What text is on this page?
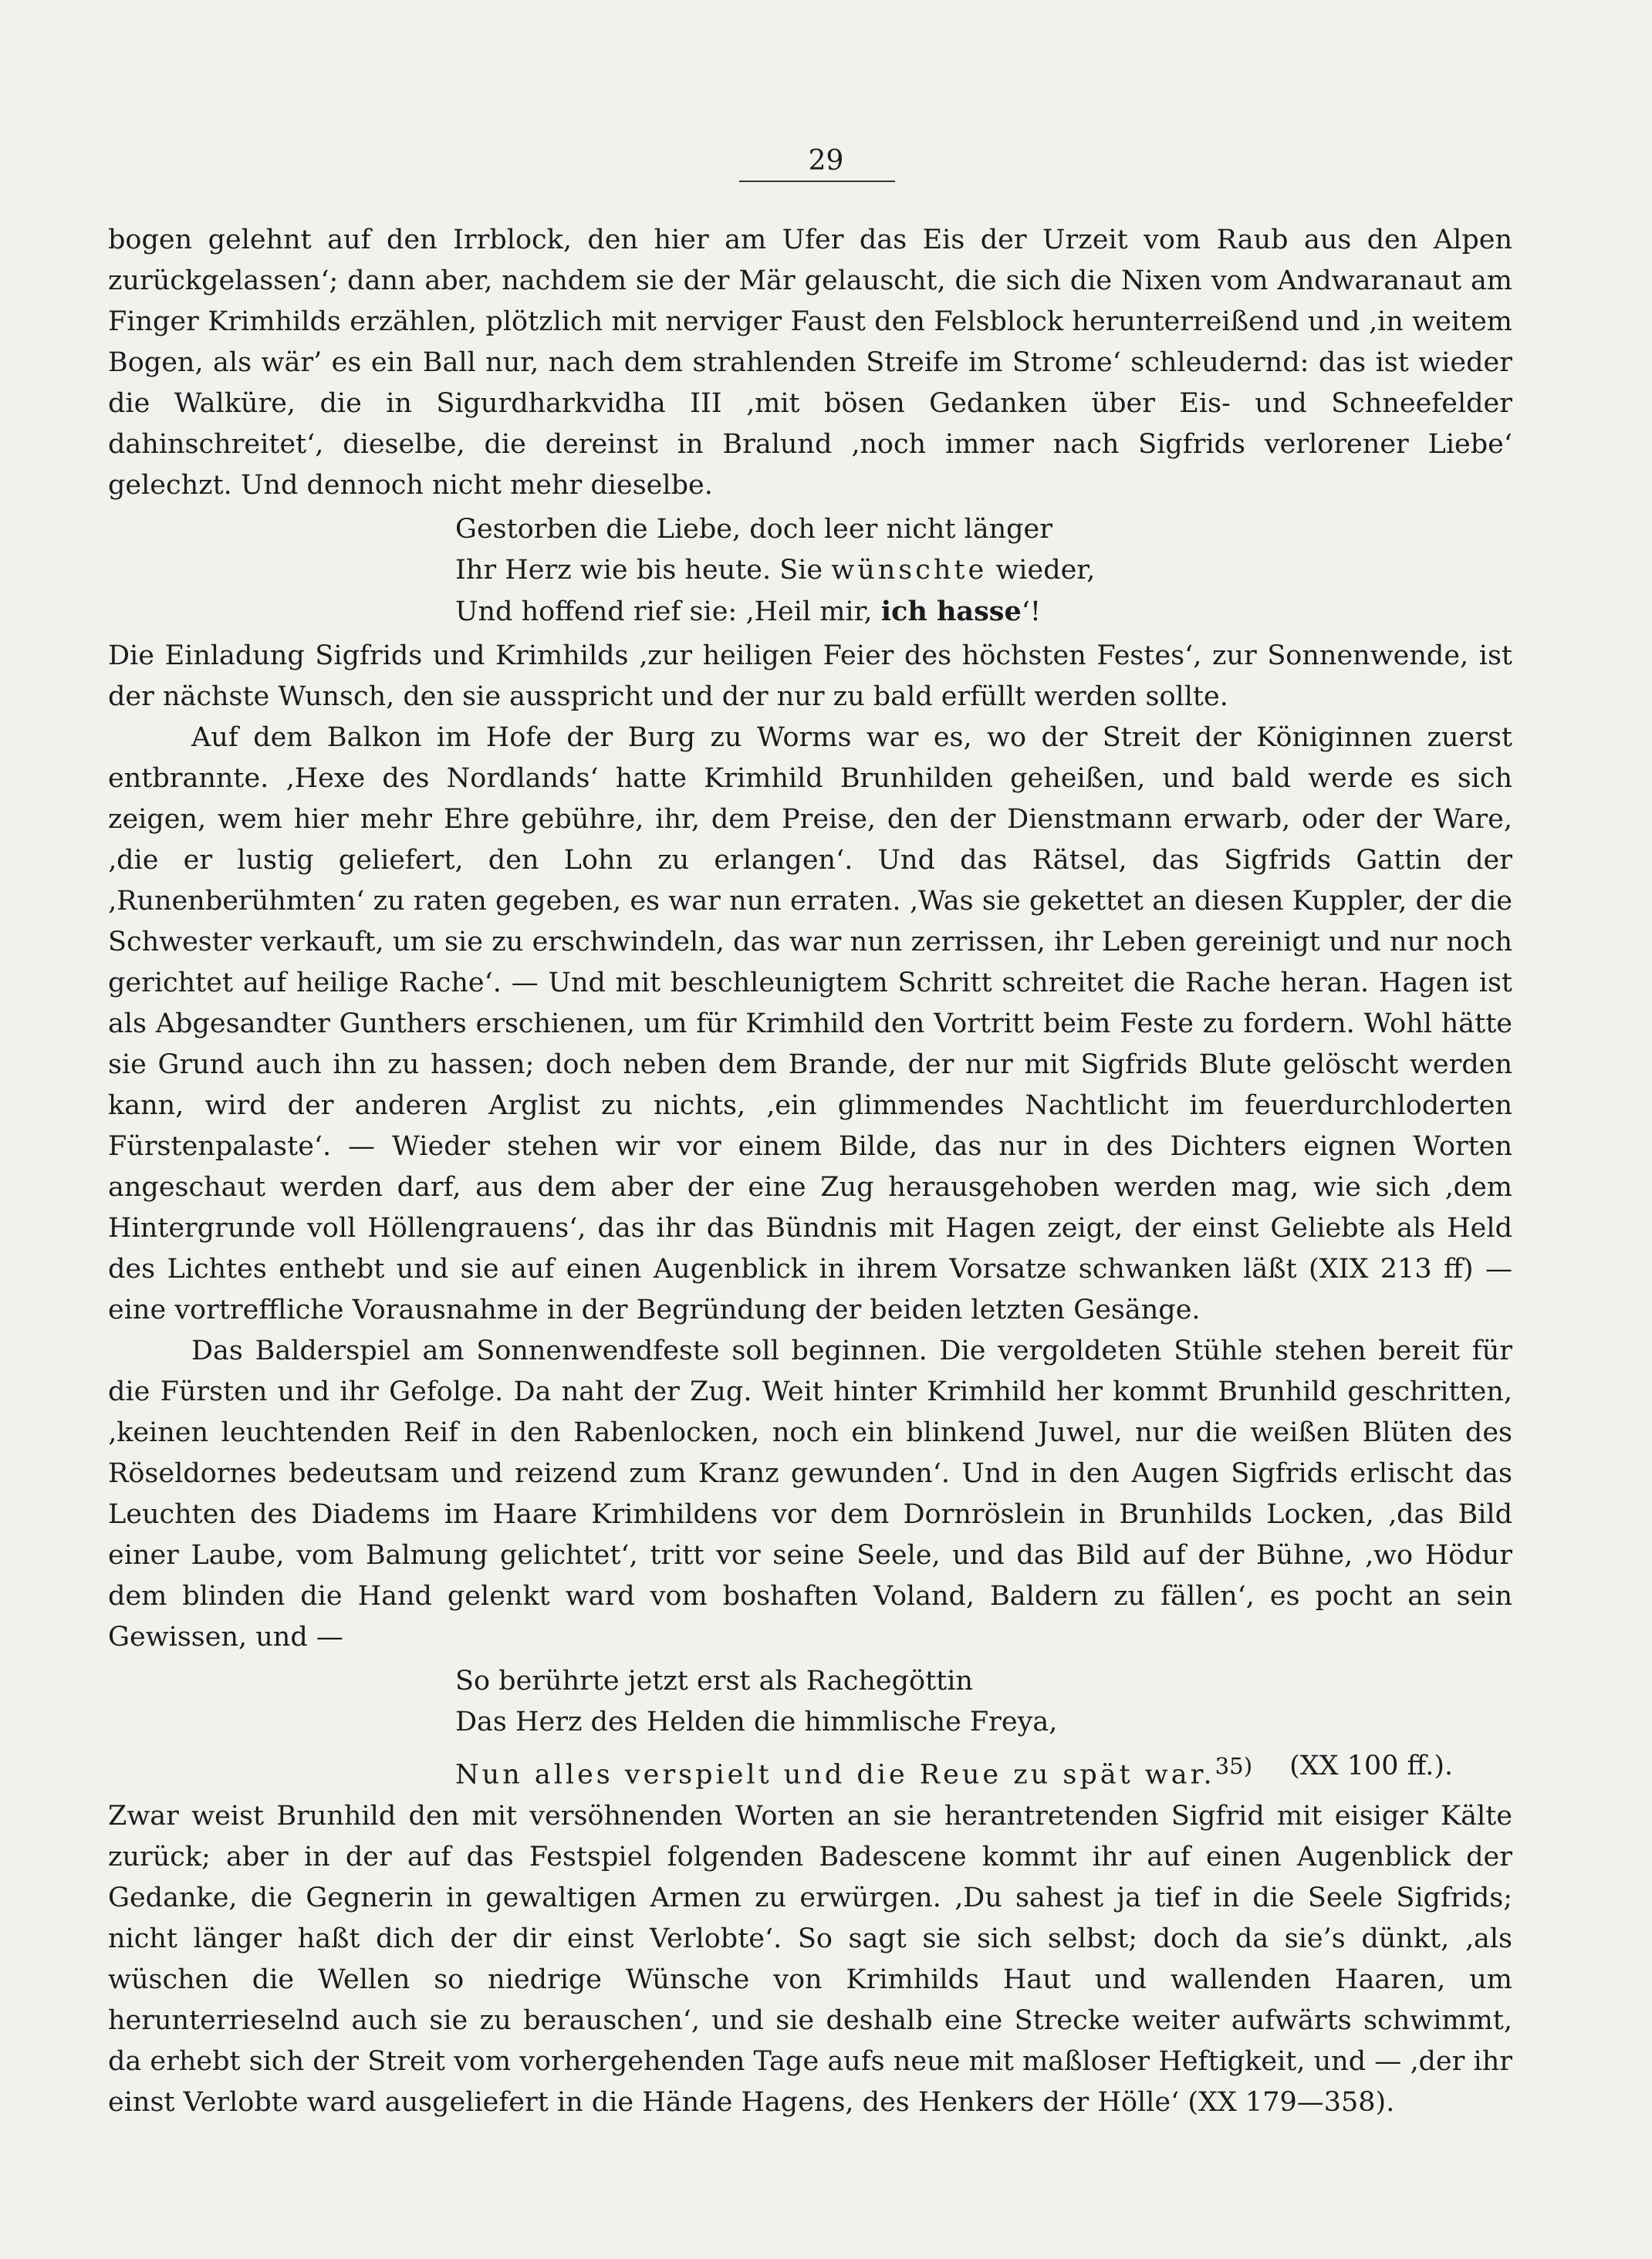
29

bogen gelehnt auf den Irrblock, den hier am Ufer das Eis der Urzeit vom Raub aus den Alpen zurückgelassen‘; dann aber, nachdem sie der Mär gelauscht, die sich die Nixen vom Andwaranaut am Finger Krimhilds erzählen, plötzlich mit nerviger Faust den Felsblock herunterreißend und ‚in weitem Bogen, als wär’ es ein Ball nur, nach dem strahlenden Streife im Strome‘ schleudernd: das ist wieder die Walküre, die in Sigurdharkvidha III ‚mit bösen Gedanken über Eis- und Schneefelder dahinschreitet‘, dieselbe, die dereinst in Bralund ‚noch immer nach Sigfrids verlorener Liebe‘ gelechzt. Und dennoch nicht mehr dieselbe.

Gestorben die Liebe, doch leer nicht länger
Ihr Herz wie bis heute. Sie wünschte wieder,
Und hoffend rief sie: ‚Heil mir, ich hasse‘!

Die Einladung Sigfrids und Krimhilds ‚zur heiligen Feier des höchsten Festes‘, zur Sonnenwende, ist der nächste Wunsch, den sie ausspricht und der nur zu bald erfüllt werden sollte.

Auf dem Balkon im Hofe der Burg zu Worms war es, wo der Streit der Königinnen zuerst entbrannte. ‚Hexe des Nordlands‘ hatte Krimhild Brunhilden geheißen, und bald werde es sich zeigen, wem hier mehr Ehre gebühre, ihr, dem Preise, den der Dienstmann erwarb, oder der Ware, ‚die er lustig geliefert, den Lohn zu erlangen‘. Und das Rätsel, das Sigfrids Gattin der ‚Runenberühmten‘ zu raten gegeben, es war nun erraten. ‚Was sie gekettet an diesen Kuppler, der die Schwester verkauft, um sie zu erschwindeln, das war nun zerrissen, ihr Leben gereinigt und nur noch gerichtet auf heilige Rache‘. — Und mit beschleunigtem Schritt schreitet die Rache heran. Hagen ist als Abgesandter Gunthers erschienen, um für Krimhild den Vortritt beim Feste zu fordern. Wohl hätte sie Grund auch ihn zu hassen; doch neben dem Brande, der nur mit Sigfrids Blute gelöscht werden kann, wird der anderen Arglist zu nichts, ‚ein glimmendes Nachtlicht im feuerdurchloderten Fürstenpalaste‘. — Wieder stehen wir vor einem Bilde, das nur in des Dichters eignen Worten angeschaut werden darf, aus dem aber der eine Zug herausgehoben werden mag, wie sich ‚dem Hintergrunde voll Höllengrauens‘, das ihr das Bündnis mit Hagen zeigt, der einst Geliebte als Held des Lichtes enthebt und sie auf einen Augenblick in ihrem Vorsatze schwanken läßt (XIX 213 ff) — eine vortreffliche Vorausnahme in der Begründung der beiden letzten Gesänge.

Das Balderspiel am Sonnenwendfeste soll beginnen. Die vergoldeten Stühle stehen bereit für die Fürsten und ihr Gefolge. Da naht der Zug. Weit hinter Krimhild her kommt Brunhild geschritten, ‚keinen leuchtenden Reif in den Rabenlocken, noch ein blinkend Juwel, nur die weißen Blüten des Röseldornes bedeutsam und reizend zum Kranz gewunden‘. Und in den Augen Sigfrids erlischt das Leuchten des Diadems im Haare Krimhildens vor dem Dornröslein in Brunhilds Locken, ‚das Bild einer Laube, vom Balmung gelichtet‘, tritt vor seine Seele, und das Bild auf der Bühne, ‚wo Hödur dem blinden die Hand gelenkt ward vom boshaften Voland, Baldern zu fällen‘, es pocht an sein Gewissen, und —

So berührte jetzt erst als Rachegöttin
Das Herz des Helden die himmlische Freya,
Nun alles verspielt und die Reue zu spät war.$^{35)}$ (XX 100 ff.).

Zwar weist Brunhild den mit versöhnenden Worten an sie herantretenden Sigfrid mit eisiger Kälte zurück; aber in der auf das Festspiel folgenden Badescene kommt ihr auf einen Augenblick der Gedanke, die Gegnerin in gewaltigen Armen zu erwürgen. ‚Du sahest ja tief in die Seele Sigfrids; nicht länger haßt dich der dir einst Verlobte‘. So sagt sie sich selbst; doch da sie’s dünkt, ‚als wüschen die Wellen so niedrige Wünsche von Krimhilds Haut und wallenden Haaren, um herunterrieselnd auch sie zu berauschen‘, und sie deshalb eine Strecke weiter aufwärts schwimmt, da erhebt sich der Streit vom vorhergehenden Tage aufs neue mit maßloser Heftigkeit, und — ‚der ihr einst Verlobte ward ausgeliefert in die Hände Hagens, des Henkers der Hölle‘ (XX 179—358).
